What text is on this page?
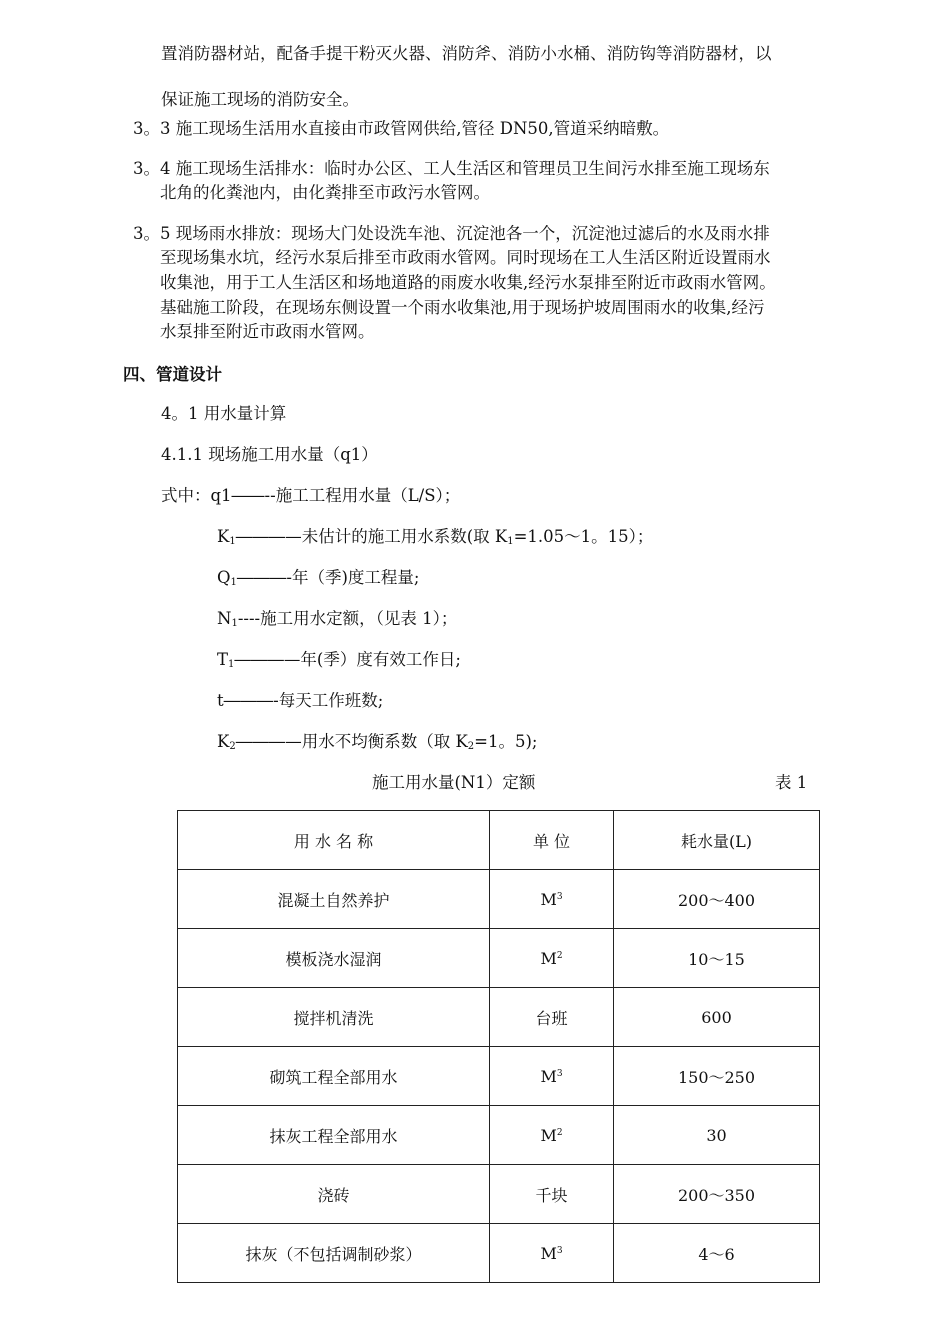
置消防器材站，配备手提干粉灭火器、消防斧、消防小水桶、消防钩等消防器材，以
保证施工现场的消防安全。
3。3 施工现场生活用水直接由市政管网供给,管径 DN50,管道采纳暗敷。
3。4 施工现场生活排水：临时办公区、工人生活区和管理员卫生间污水排至施工现场东
北角的化粪池内，由化粪排至市政污水管网。
3。5 现场雨水排放：现场大门处设洗车池、沉淀池各一个，沉淀池过滤后的水及雨水排
至现场集水坑，经污水泵后排至市政雨水管网。同时现场在工人生活区附近设置雨水
收集池，用于工人生活区和场地道路的雨废水收集,经污水泵排至附近市政雨水管网。
基础施工阶段，在现场东侧设置一个雨水收集池,用于现场护坡周围雨水的收集,经污
水泵排至附近市政雨水管网。
四、管道设计
4。1 用水量计算
4.1.1 现场施工用水量（q1）
式中：q1――--施工工程用水量（L/S）；
$K_1―――—$未估计的施工用水系数(取 $K_1=1.05\sim 1$。15）；
$Q_1―――-$年（季)度工程量;
$N_1----$施工用水定额，（见表 1）；
$T_1―――—$年(季）度有效工作日;
t―――-每天工作班数;
$K_2―――—$用水不均衡系数（取 $K_2=1$。5);
施工用水量(N1）定额	表 1
用 水 名 称	单 位	耗水量(L)
混凝土自然养护	$M^3$	200～400
模板浇水湿润	$M^2$	10～15
搅拌机清洗	台班	600
砌筑工程全部用水	$M^3$	150～250
抹灰工程全部用水	$M^2$	30
浇砖	千块	200～350
抹灰（不包括调制砂浆）	$M^3$	4～6
